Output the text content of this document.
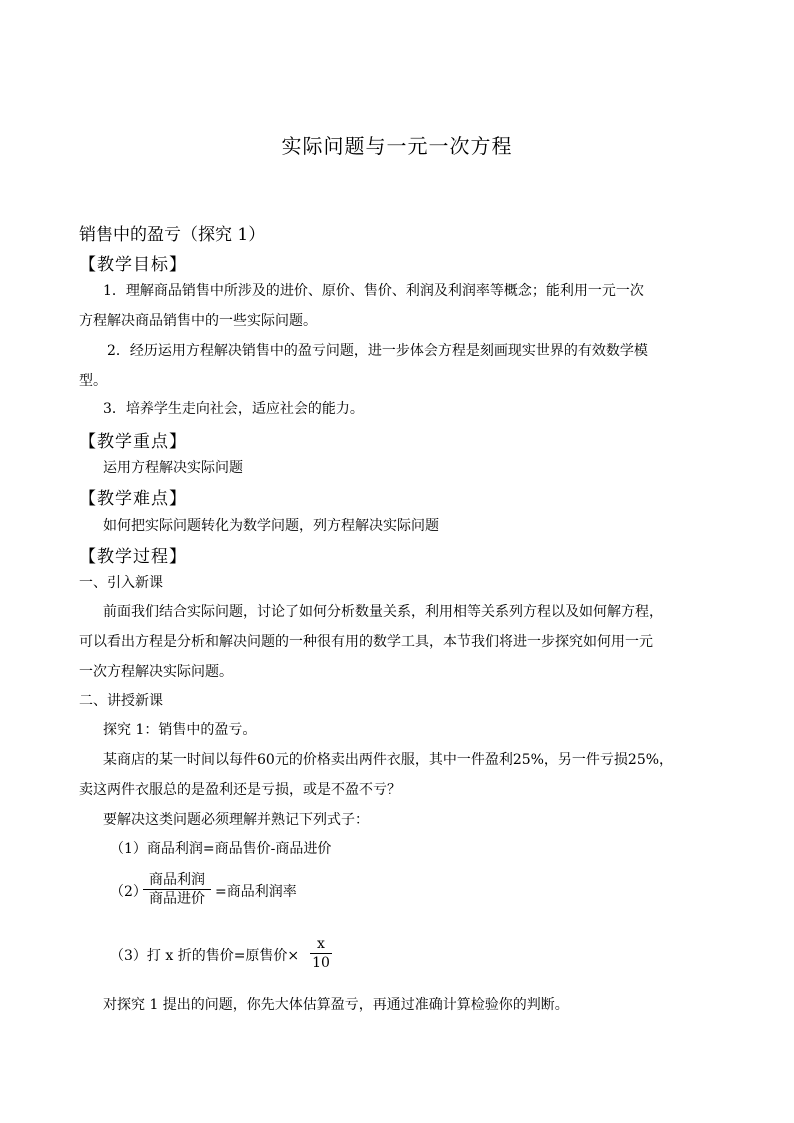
实际问题与一元一次方程
销售中的盈亏（探究 1）
【教学目标】
1．理解商品销售中所涉及的进价、原价、售价、利润及利润率等概念；能利用一元一次
方程解决商品销售中的一些实际问题。
2．经历运用方程解决销售中的盈亏问题，进一步体会方程是刻画现实世界的有效数学模
型。
3．培养学生走向社会，适应社会的能力。
【教学重点】
运用方程解决实际问题
【教学难点】
如何把实际问题转化为数学问题，列方程解决实际问题
【教学过程】
一、引入新课
前面我们结合实际问题，讨论了如何分析数量关系，利用相等关系列方程以及如何解方程，
可以看出方程是分析和解决问题的一种很有用的数学工具，本节我们将进一步探究如何用一元
一次方程解决实际问题。
二、讲授新课
探究 1：销售中的盈亏。
某商店的某一时间以每件60元的价格卖出两件衣服，其中一件盈利25%，另一件亏损25%，
卖这两件衣服总的是盈利还是亏损，或是不盈不亏？
要解决这类问题必须理解并熟记下列式子：
（1）商品利润=商品售价-商品进价
（2）
商品利润
商品进价 =商品利润率
（3）打 x 折的售价=原售价×
x
10
对探究 1 提出的问题，你先大体估算盈亏，再通过准确计算检验你的判断。
